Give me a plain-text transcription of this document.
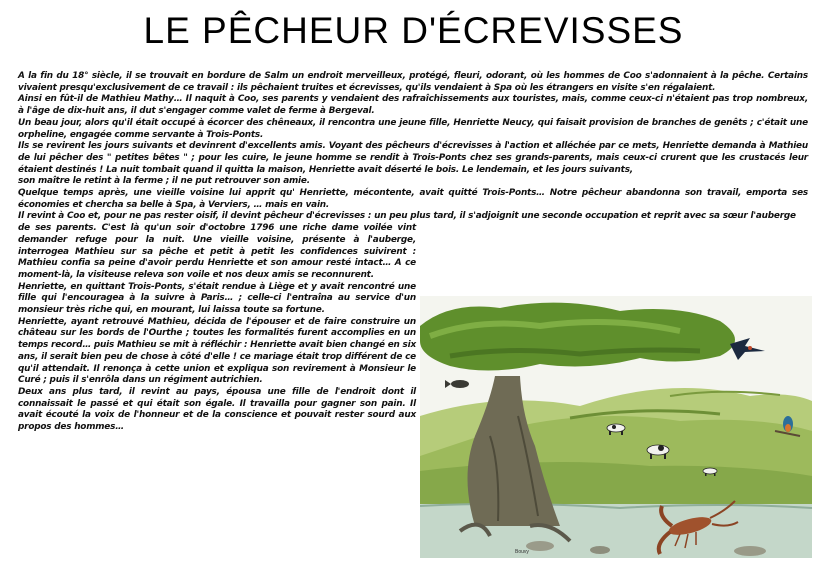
LE PÊCHEUR D'ÉCREVISSES

A la fin du 18° siècle, il se trouvait en bordure de Salm un endroit merveilleux, protégé, fleuri, odorant, où les hommes de Coo s'adonnaient à la pêche. Certains vivaient presqu'exclusivement de ce travail : ils pêchaient truites et écrevisses, qu'ils vendaient à Spa où les étrangers en visite s'en régalaient.

Ainsi en fût-il de Mathieu Mathy… Il naquit à Coo, ses parents y vendaient des rafraîchissements aux touristes, mais, comme ceux-ci n'étaient pas trop nombreux, à l'âge de dix-huit ans, il dut s'engager comme valet de ferme à Bergeval.

Un beau jour, alors qu'il était occupé à écorcer des chêneaux, il rencontra une jeune fille, Henriette Neucy, qui faisait provision de branches de genêts ; c'était une orpheline, engagée comme servante à Trois-Ponts.

Ils se revirent les jours suivants et devinrent d'excellents amis. Voyant des pêcheurs d'écrevisses à l'action et alléchée par ce mets, Henriette demanda à Mathieu de lui pêcher des " petites bêtes " ; pour les cuire, le jeune homme se rendit à Trois-Ponts chez ses grands-parents, mais ceux-ci crurent que les crustacés leur étaient destinés ! La nuit tombait quand il quitta la maison, Henriette avait déserté le bois. Le lendemain, et les jours suivants,

son maître le retint à la ferme ; il ne put retrouver son amie.

Quelque temps après, une vieille voisine lui apprit qu' Henriette, mécontente, avait quitté Trois-Ponts… Notre pêcheur abandonna son travail, emporta ses économies et chercha sa belle à Spa, à Verviers, … mais en vain.

Il revint à Coo et, pour ne pas rester oisif, il devint pêcheur d'écrevisses : un peu plus tard, il s'adjoignit une seconde occupation et reprit avec sa sœur l'auberge

de ses parents. C'est là qu'un soir d'octobre 1796 une riche dame voilée vint demander refuge pour la nuit. Une vieille voisine, présente à l'auberge, interrogea Mathieu sur sa pêche et petit à petit les confidences suivirent : Mathieu confia sa peine d'avoir perdu Henriette et son amour resté intact… A ce moment-là, la visiteuse releva son voile et nos deux amis se reconnurent.

Henriette, en quittant Trois-Ponts, s'était rendue à Liège et y avait rencontré une fille qui l'encouragea à la suivre à Paris… ; celle-ci l'entraîna au service d'un monsieur très riche qui, en mourant, lui laissa toute sa fortune.

Henriette, ayant retrouvé Mathieu, décida de l'épouser et de faire construire un château sur les bords de l'Ourthe ; toutes les formalités furent accomplies en un temps record… puis Mathieu se mit à réfléchir : Henriette avait bien changé en six ans, il serait bien peu de chose à côté d'elle ! ce mariage était trop différent de ce qu'il attendait. Il renonça à cette union et expliqua son revirement à Monsieur le Curé ; puis il s'enrôla dans un régiment autrichien.

Deux ans plus tard, il revint au pays, épousa une fille de l'endroit dont il connaissait le passé et qui était son égale. Il travailla pour gagner son pain. Il avait écouté la voix de l'honneur et de la conscience et pouvait rester sourd aux propos des hommes…

Bouvy
